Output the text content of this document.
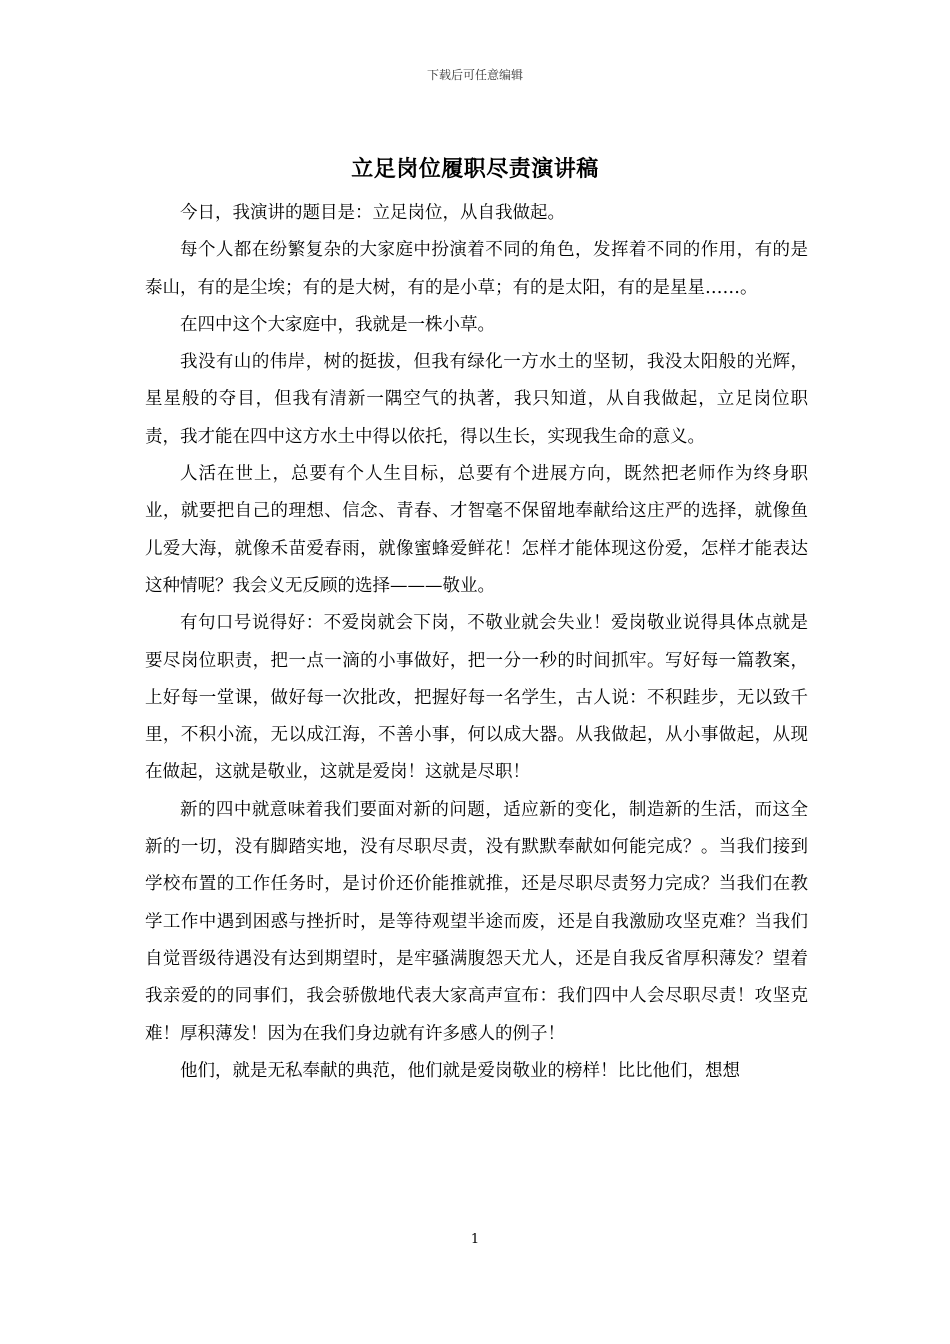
下载后可任意编辑
立足岗位履职尽责演讲稿

今日，我演讲的题目是：立足岗位，从自我做起。

每个人都在纷繁复杂的大家庭中扮演着不同的角色，发挥着不同的作用，有的是泰山，有的是尘埃；有的是大树，有的是小草；有的是太阳，有的是星星……。

在四中这个大家庭中，我就是一株小草。

我没有山的伟岸，树的挺拔，但我有绿化一方水土的坚韧，我没太阳般的光辉，星星般的夺目，但我有清新一隅空气的执著，我只知道，从自我做起，立足岗位职责，我才能在四中这方水土中得以依托，得以生长，实现我生命的意义。

人活在世上，总要有个人生目标，总要有个进展方向，既然把老师作为终身职业，就要把自己的理想、信念、青春、才智毫不保留地奉献给这庄严的选择，就像鱼儿爱大海，就像禾苗爱春雨，就像蜜蜂爱鲜花！怎样才能体现这份爱，怎样才能表达这种情呢？我会义无反顾的选择———敬业。

有句口号说得好：不爱岗就会下岗，不敬业就会失业！爱岗敬业说得具体点就是要尽岗位职责，把一点一滴的小事做好，把一分一秒的时间抓牢。写好每一篇教案，上好每一堂课，做好每一次批改，把握好每一名学生，古人说：不积跬步，无以致千里，不积小流，无以成江海，不善小事，何以成大器。从我做起，从小事做起，从现在做起，这就是敬业，这就是爱岗！这就是尽职！

新的四中就意味着我们要面对新的问题，适应新的变化，制造新的生活，而这全新的一切，没有脚踏实地，没有尽职尽责，没有默默奉献如何能完成？。当我们接到学校布置的工作任务时，是讨价还价能推就推，还是尽职尽责努力完成？当我们在教学工作中遇到困惑与挫折时，是等待观望半途而废，还是自我激励攻坚克难？当我们自觉晋级待遇没有达到期望时，是牢骚满腹怨天尤人，还是自我反省厚积薄发？望着我亲爱的的同事们，我会骄傲地代表大家高声宣布：我们四中人会尽职尽责！攻坚克难！厚积薄发！因为在我们身边就有许多感人的例子！

他们，就是无私奉献的典范，他们就是爱岗敬业的榜样！比比他们，想想

1
